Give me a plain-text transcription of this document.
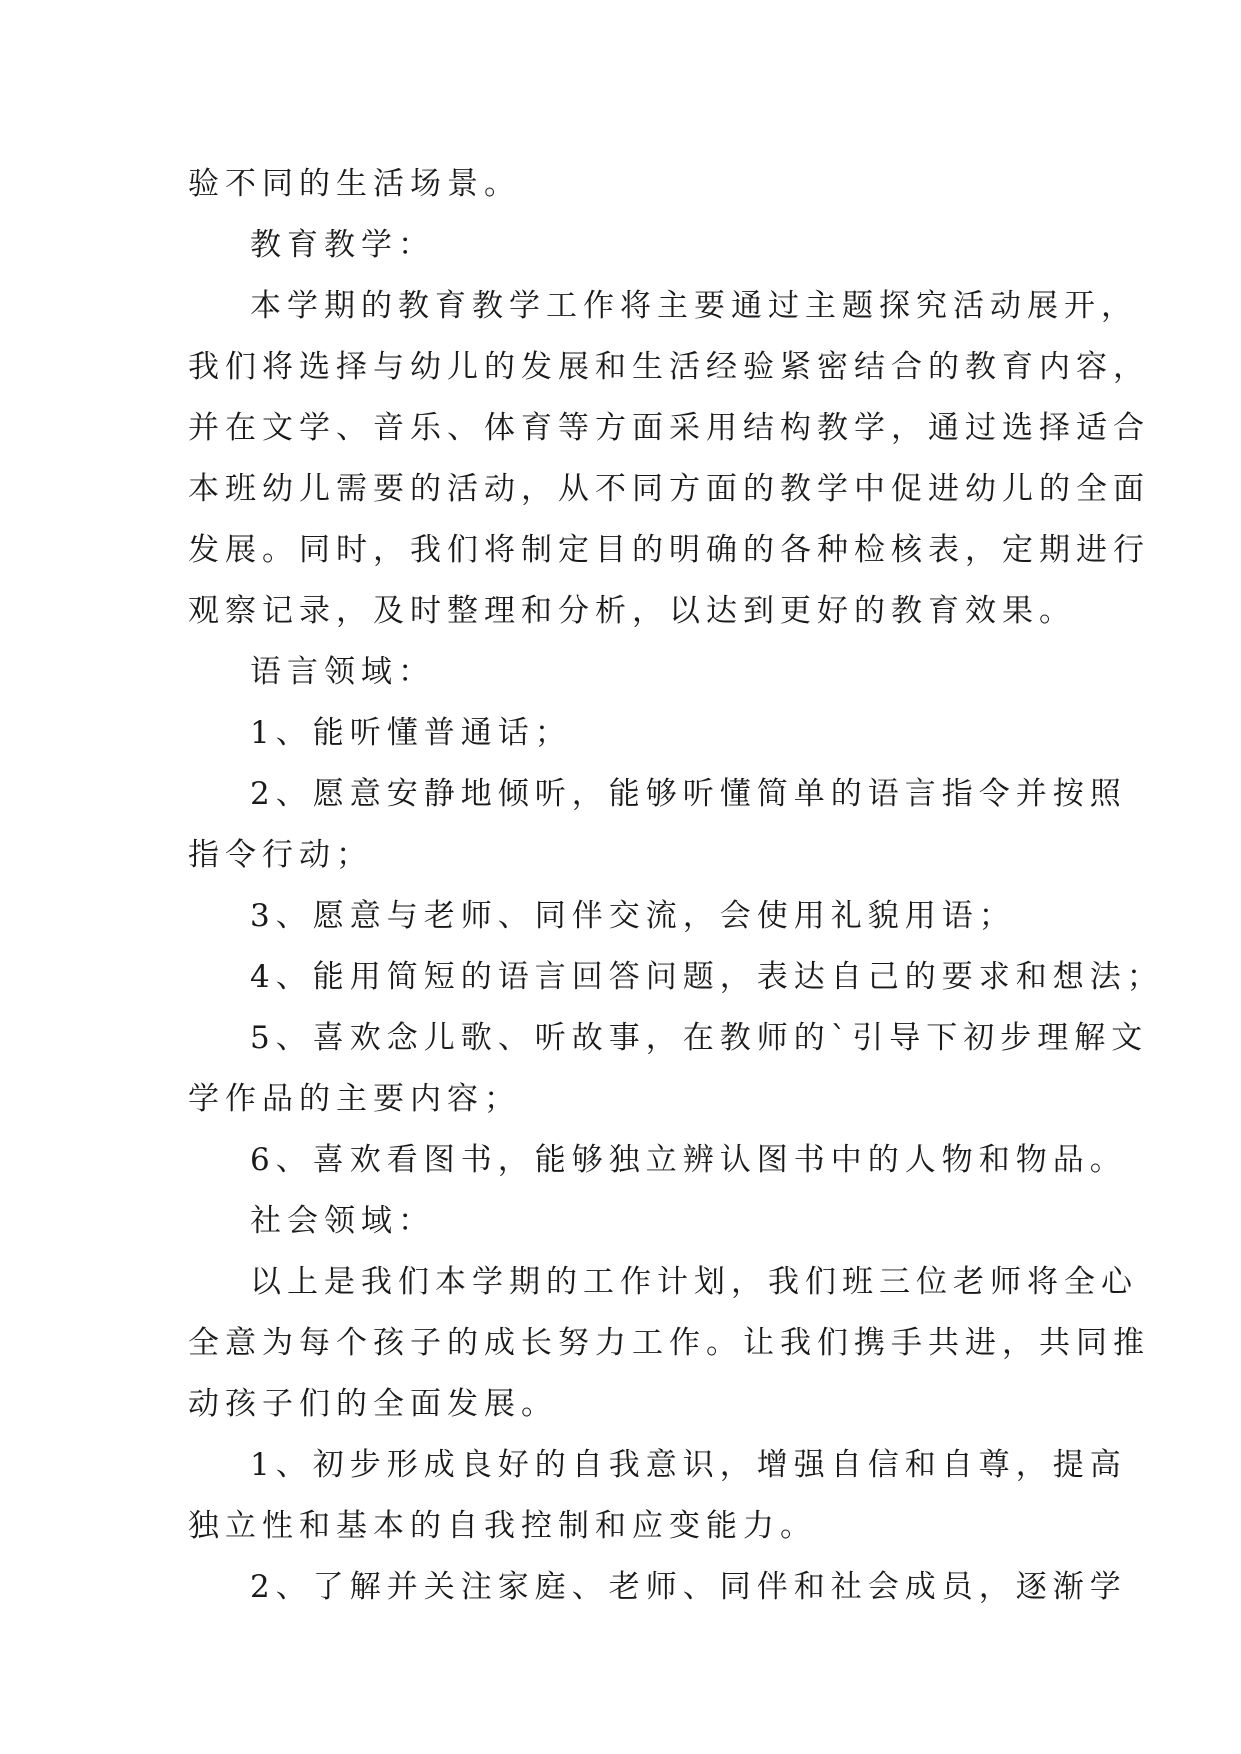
验不同的生活场景。
教育教学：
本学期的教育教学工作将主要通过主题探究活动展开，
我们将选择与幼儿的发展和生活经验紧密结合的教育内容，
并在文学、音乐、体育等方面采用结构教学，通过选择适合
本班幼儿需要的活动，从不同方面的教学中促进幼儿的全面
发展。同时，我们将制定目的明确的各种检核表，定期进行
观察记录，及时整理和分析，以达到更好的教育效果。
语言领域：
1、能听懂普通话；
2、愿意安静地倾听，能够听懂简单的语言指令并按照
指令行动；
3、愿意与老师、同伴交流，会使用礼貌用语；
4、能用简短的语言回答问题，表达自己的要求和想法；
5、喜欢念儿歌、听故事，在教师的`引导下初步理解文
学作品的主要内容；
6、喜欢看图书，能够独立辨认图书中的人物和物品。
社会领域：
以上是我们本学期的工作计划，我们班三位老师将全心
全意为每个孩子的成长努力工作。让我们携手共进，共同推
动孩子们的全面发展。
1、初步形成良好的自我意识，增强自信和自尊，提高
独立性和基本的自我控制和应变能力。
2、了解并关注家庭、老师、同伴和社会成员，逐渐学
